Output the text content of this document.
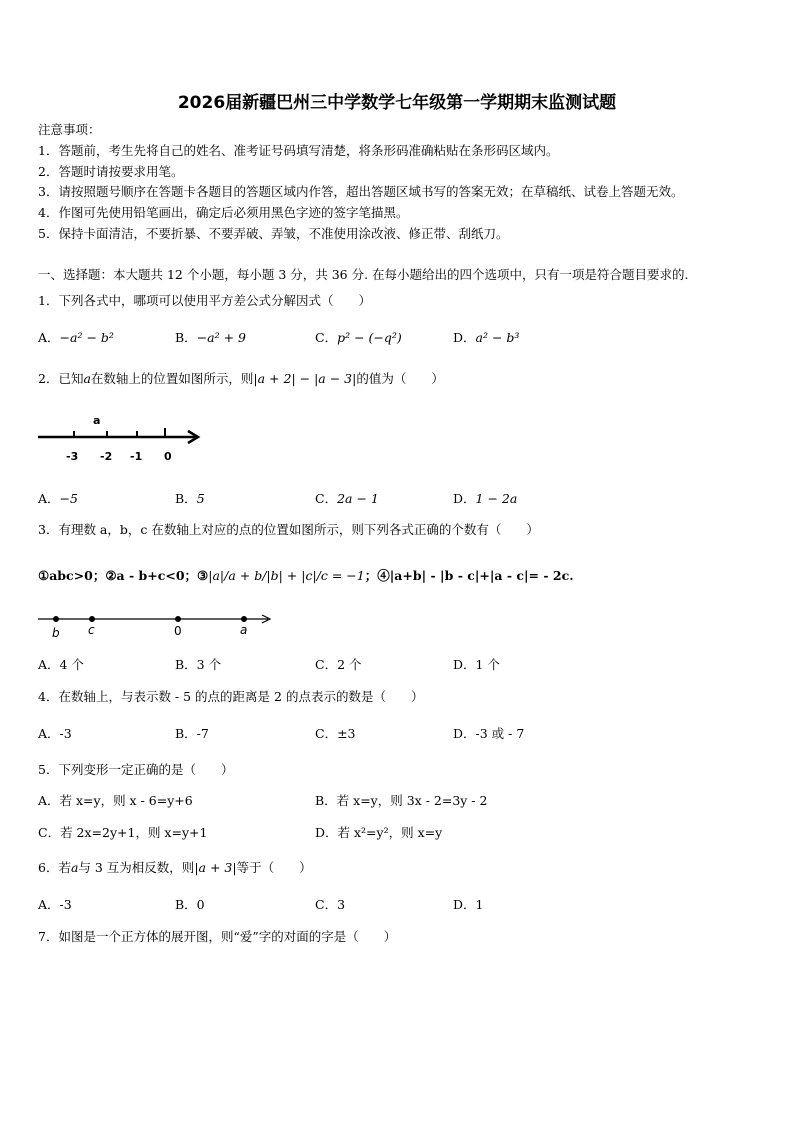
2026届新疆巴州三中学数学七年级第一学期期末监测试题
注意事项：
1．答题前，考生先将自己的姓名、准考证号码填写清楚，将条形码准确粘贴在条形码区域内。
2．答题时请按要求用笔。
3．请按照题号顺序在答题卡各题目的答题区域内作答，超出答题区域书写的答案无效；在草稿纸、试卷上答题无效。
4．作图可先使用铅笔画出，确定后必须用黑色字迹的签字笔描黑。
5．保持卡面清洁，不要折暴、不要弄破、弄皱，不准使用涂改液、修正带、刮纸刀。
一、选择题：本大题共 12 个小题，每小题 3 分，共 36 分. 在每小题给出的四个选项中，只有一项是符合题目要求的.
1．下列各式中，哪项可以使用平方差公式分解因式（　　）
A．−a² − b²	B．−a² + 9	C．p² − (−q²)	D．a² − b³
2．已知a在数轴上的位置如图所示，则|a + 2| − |a − 3|的值为（　　）
a
-3 -2 -1 0
A．−5	B．5	C．2a − 1	D．1 − 2a
3．有理数 a，b，c 在数轴上对应的点的位置如图所示，则下列各式正确的个数有（　　）
①abc>0；②a - b+c<0；③|a|/a + b/|b| + |c|/c = −1；④|a+b| - |b - c|+|a - c|= - 2c.
b c	0	a
A．4 个	B．3 个	C．2 个	D．1 个
4．在数轴上，与表示数 - 5 的点的距离是 2 的点表示的数是（　　）
A．-3	B．-7	C．±3	D．-3 或 - 7
5．下列变形一定正确的是（　　）
A．若 x=y，则 x - 6=y+6	B．若 x=y，则 3x - 2=3y - 2
C．若 2x=2y+1，则 x=y+1	D．若 x²=y²，则 x=y
6．若a与 3 互为相反数，则|a + 3|等于（　　）
A．-3	B．0	C．3	D．1
7．如图是一个正方体的展开图，则“爱”字的对面的字是（　　）
